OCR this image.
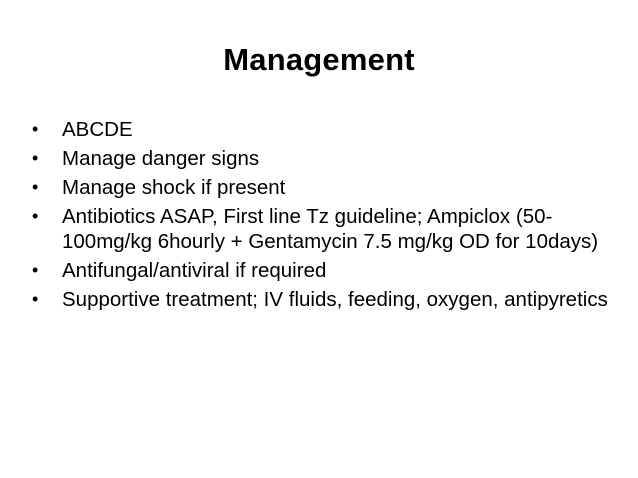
Management
•	ABCDE
•	Manage danger signs
•	Manage shock if present
•	Antibiotics ASAP, First line Tz guideline; Ampiclox (50-100mg/kg 6hourly + Gentamycin 7.5 mg/kg OD for 10days)
•	Antifungal/antiviral if required
•	Supportive treatment; IV fluids, feeding, oxygen, antipyretics
